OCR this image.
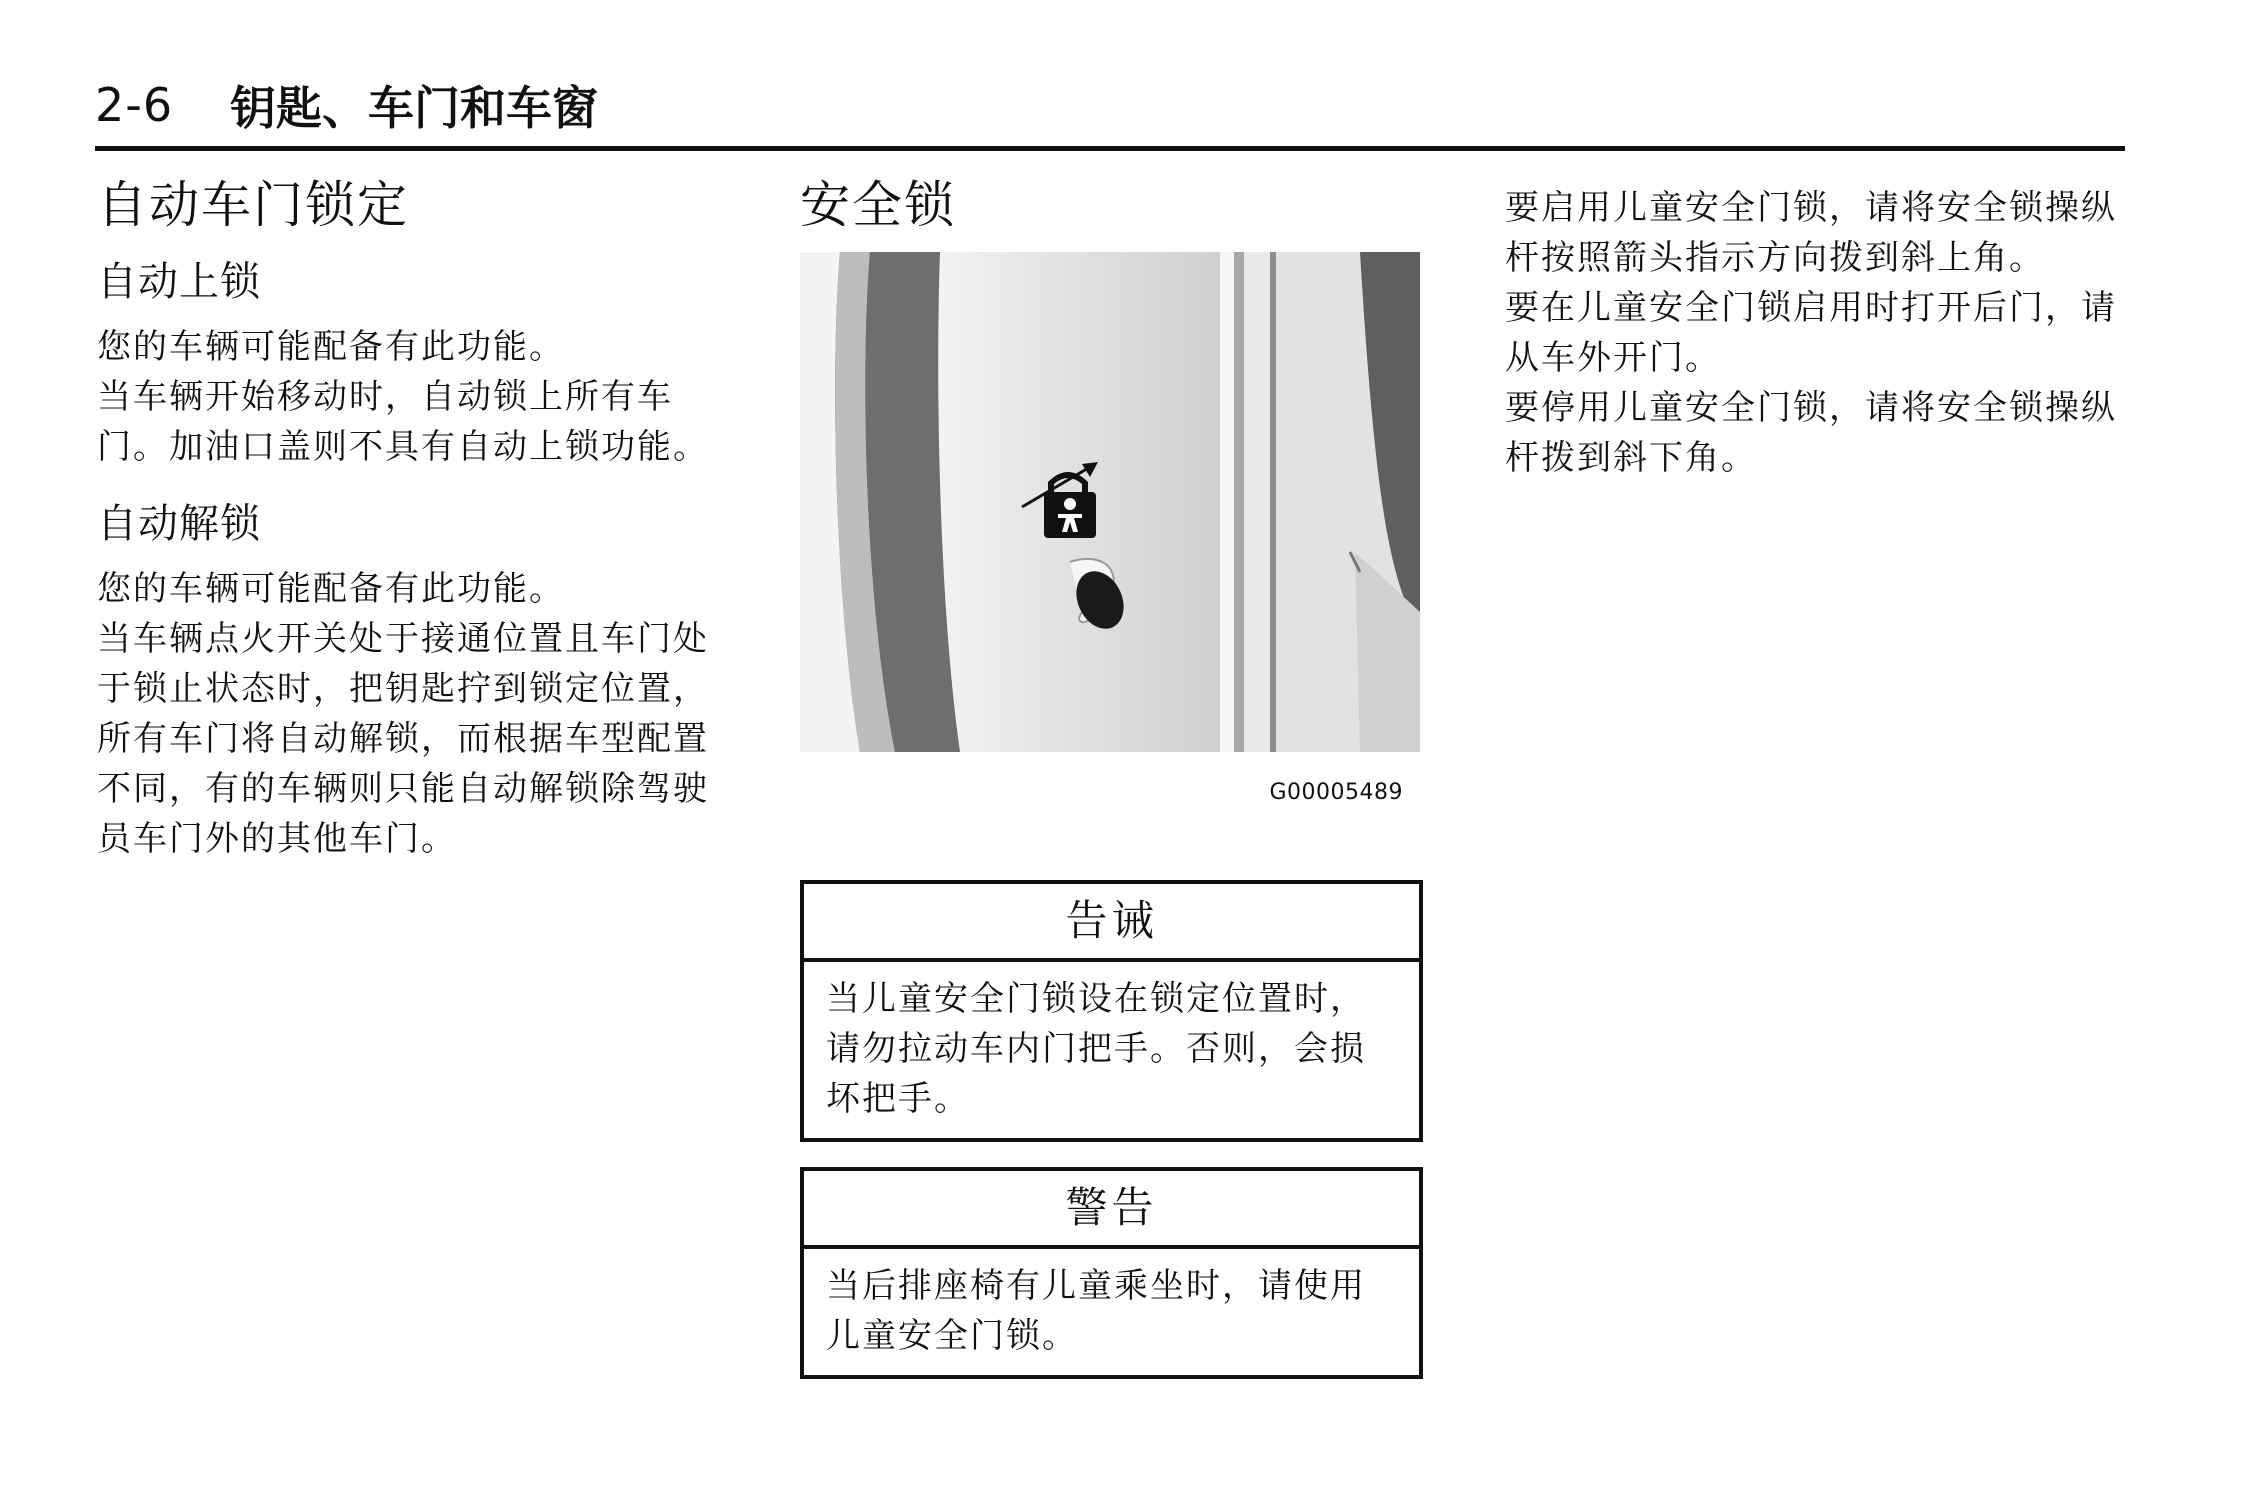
2-6 钥匙、车门和车窗
自动车门锁定
自动上锁

您的车辆可能配备有此功能。

当车辆开始移动时，自动锁上所有车门。加油口盖则不具有自动上锁功能。

自动解锁

您的车辆可能配备有此功能。

当车辆点火开关处于接通位置且车门处于锁止状态时，把钥匙拧到锁定位置，所有车门将自动解锁，而根据车型配置不同，有的车辆则只能自动解锁除驾驶员车门外的其他车门。

安全锁
G00005489
告诫
当儿童安全门锁设在锁定位置时，请勿拉动车内门把手。否则，会损坏把手。
警告
当后排座椅有儿童乘坐时，请使用儿童安全门锁。

要启用儿童安全门锁，请将安全锁操纵杆按照箭头指示方向拨到斜上角。

要在儿童安全门锁启用时打开后门，请从车外开门。

要停用儿童安全门锁，请将安全锁操纵杆拨到斜下角。
